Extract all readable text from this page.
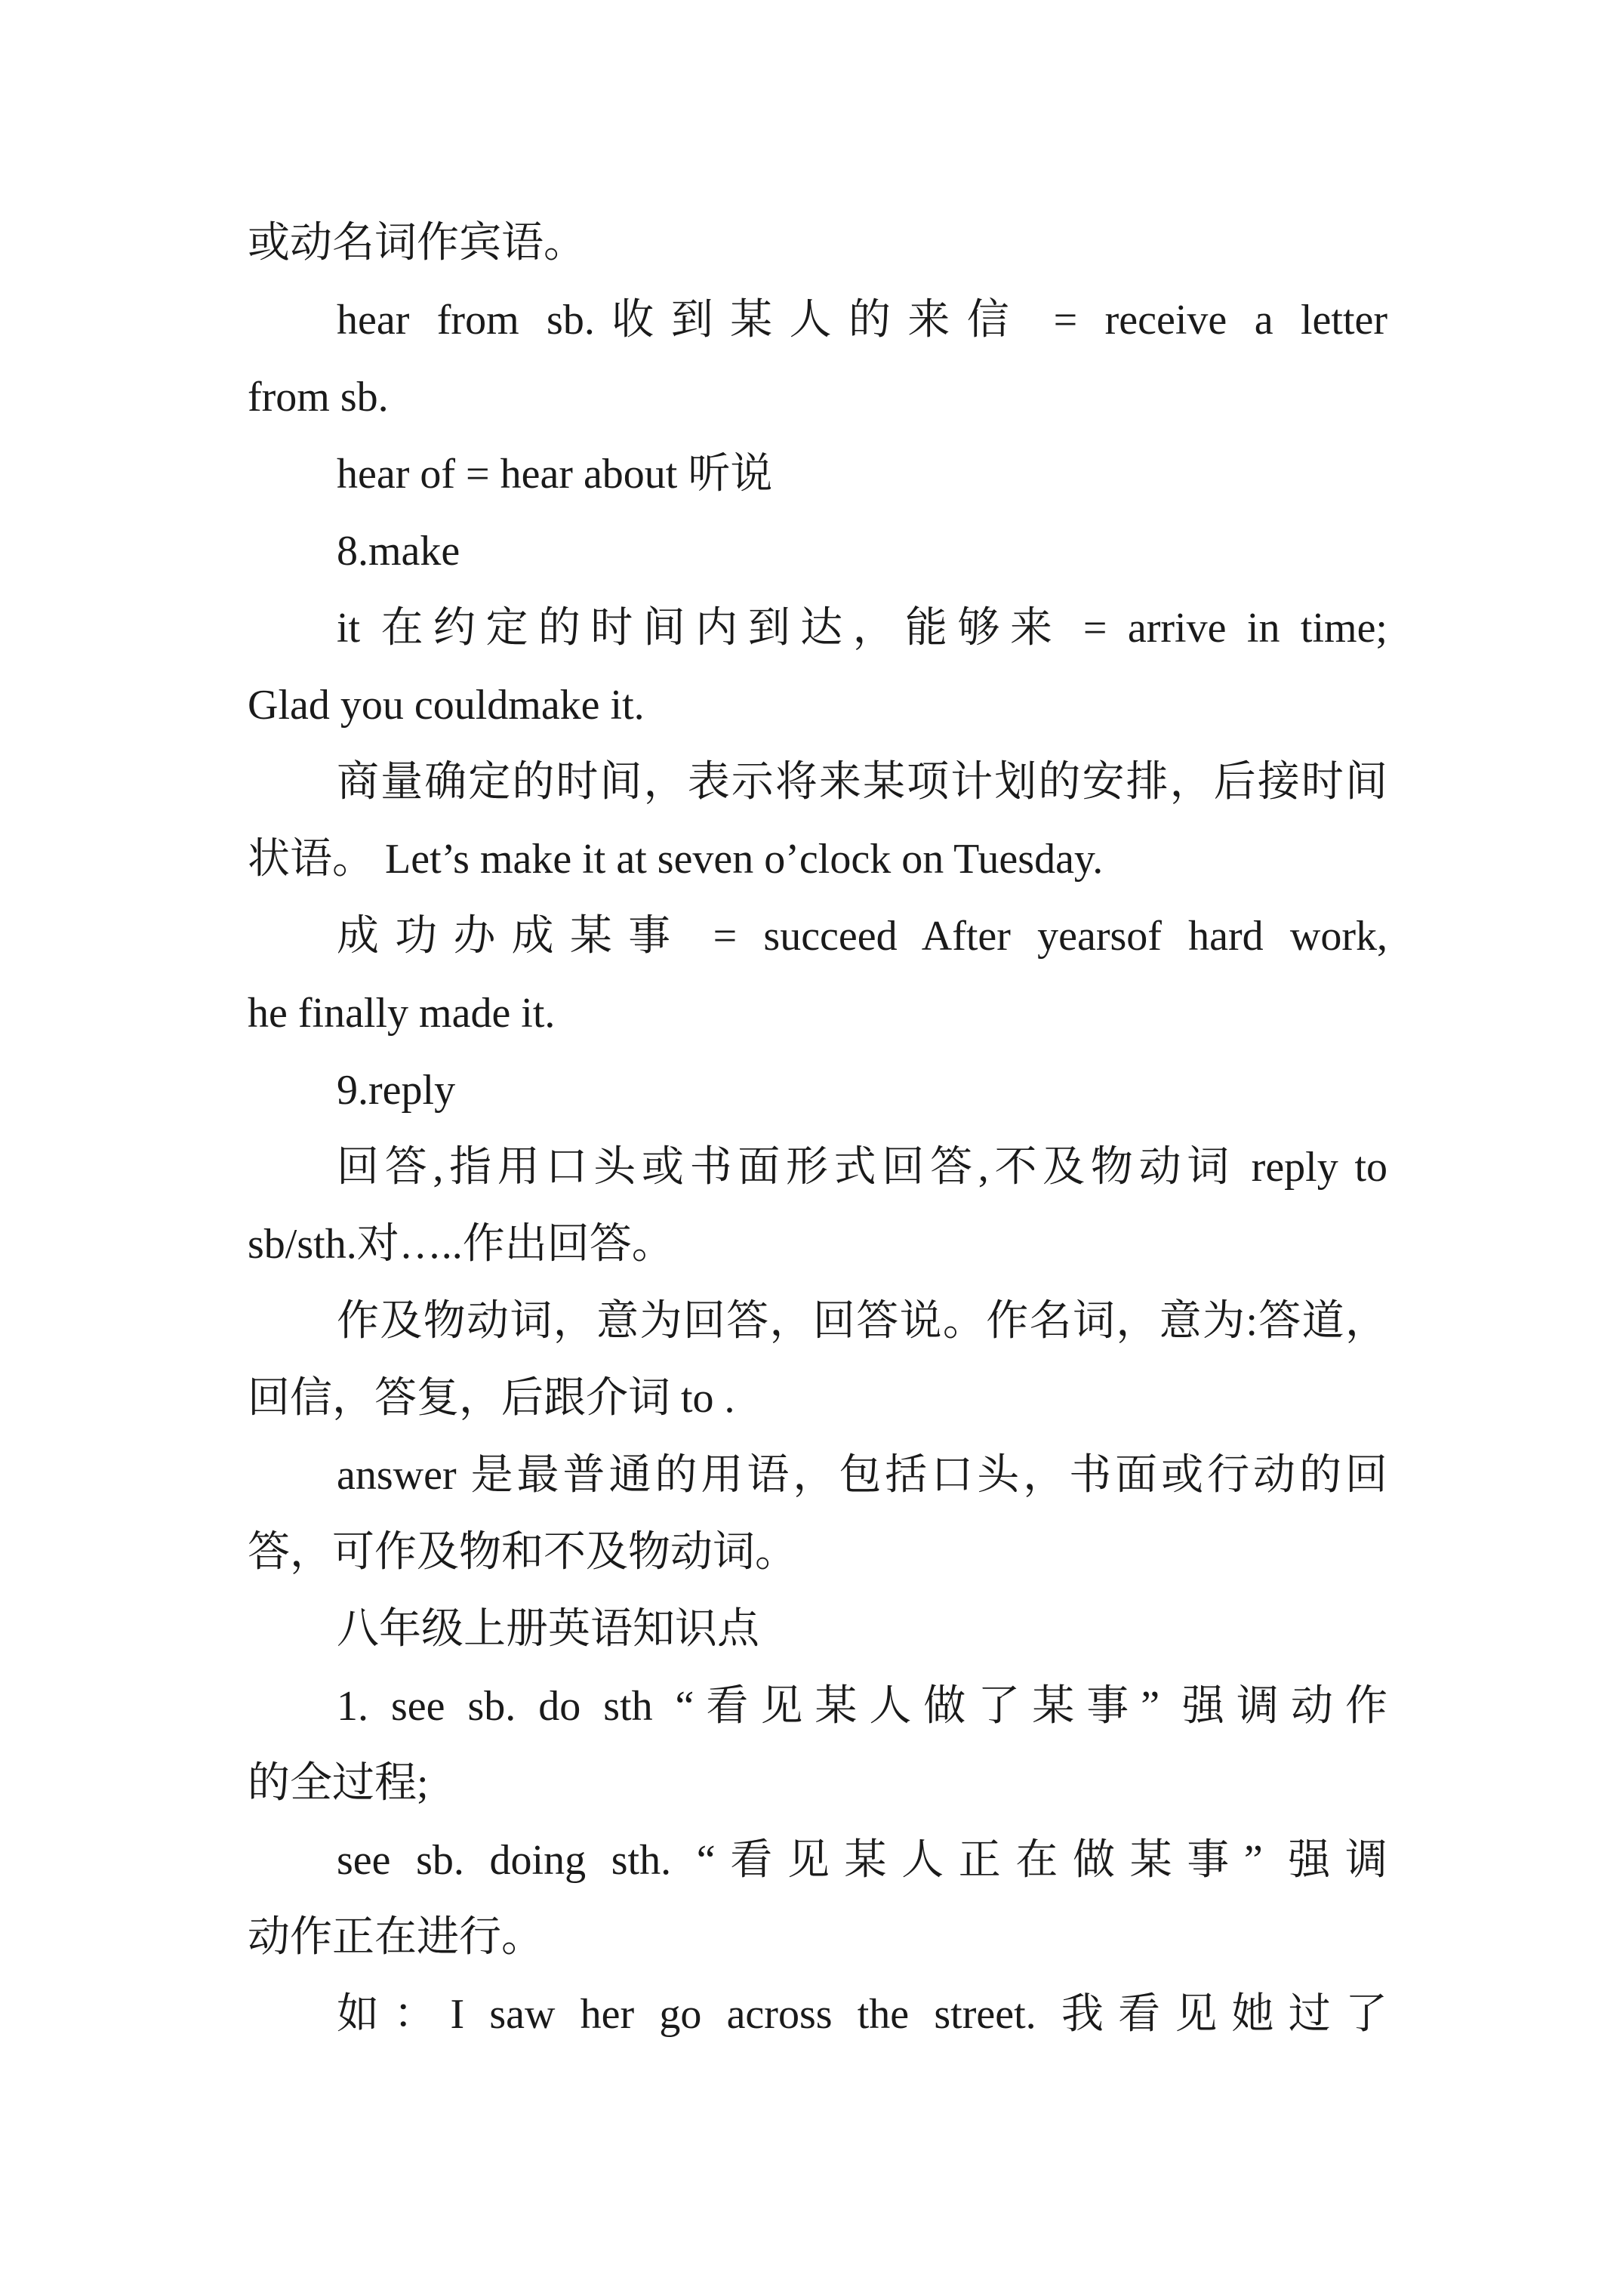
或动名词作宾语。
hear from sb.收到某人的来信 = receive a letter
from sb.
hear of = hear about 听说
8.make
it 在约定的时间内到达，能够来 = arrive in time;
Glad you couldmake it.
商量确定的时间，表示将来某项计划的安排，后接时间
状语。 Let’s make it at seven o’clock on Tuesday.
成功办成某事 = succeed After yearsof hard work,
he finally made it.
9.reply
回答,指用口头或书面形式回答,不及物动词 reply to
sb/sth.对…..作出回答。
作及物动词，意为回答，回答说。作名词，意为:答道，
回信，答复，后跟介词 to .
answer 是最普通的用语，包括口头，书面或行动的回
答，可作及物和不及物动词。
八年级上册英语知识点
1. see sb. do sth “看见某人做了某事” 强调动作
的全过程;
see sb. doing sth. “看见某人正在做某事” 强调
动作正在进行。
如：I saw her go across the street. 我看见她过了
